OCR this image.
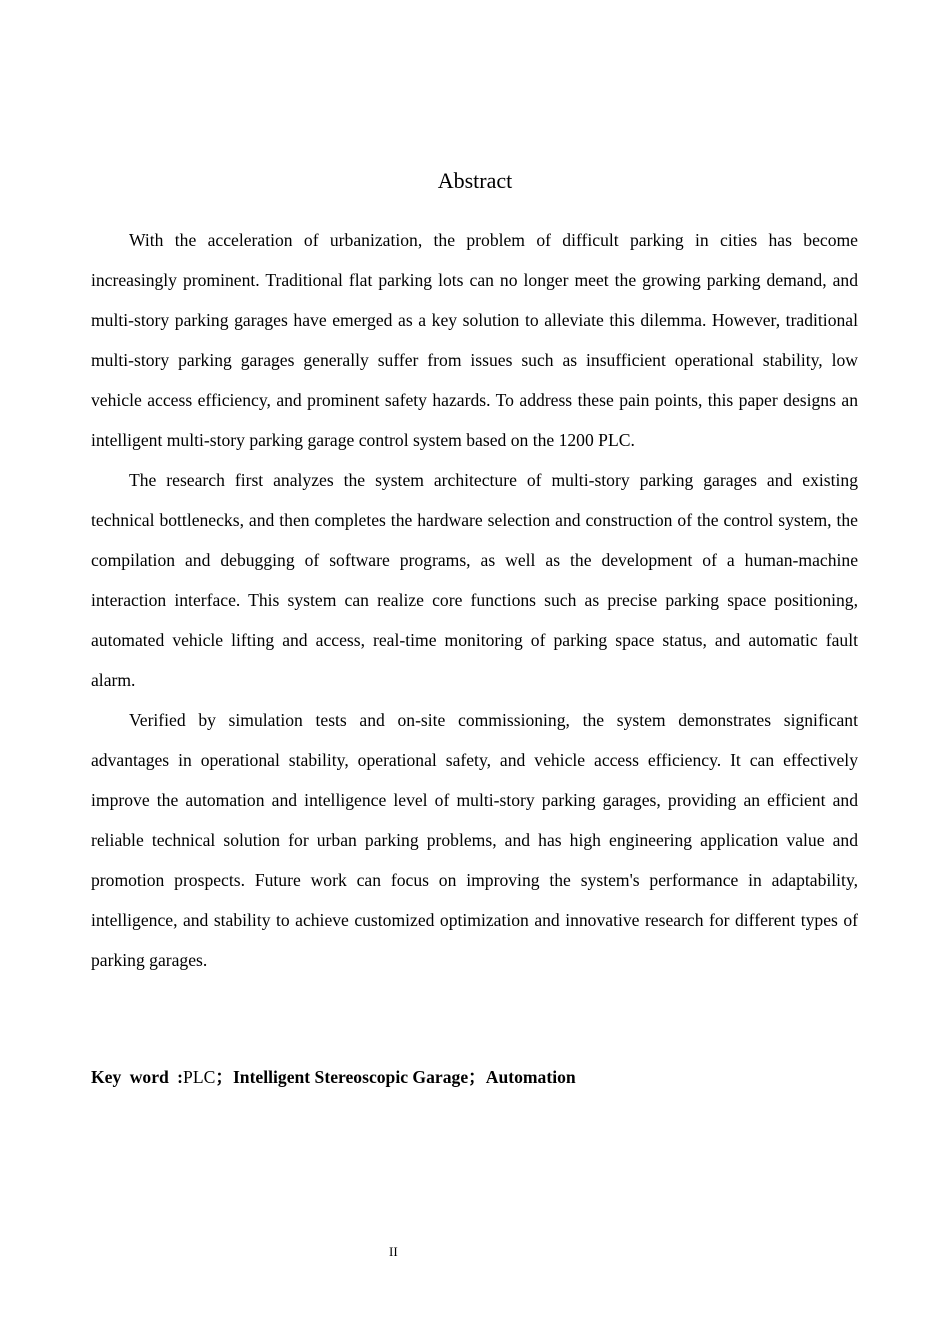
Abstract

With the acceleration of urbanization, the problem of difficult parking in cities has become increasingly prominent. Traditional flat parking lots can no longer meet the growing parking demand, and multi-story parking garages have emerged as a key solution to alleviate this dilemma. However, traditional multi-story parking garages generally suffer from issues such as insufficient operational stability, low vehicle access efficiency, and prominent safety hazards. To address these pain points, this paper designs an intelligent multi-story parking garage control system based on the 1200 PLC.

The research first analyzes the system architecture of multi-story parking garages and existing technical bottlenecks, and then completes the hardware selection and construction of the control system, the compilation and debugging of software programs, as well as the development of a human-machine interaction interface. This system can realize core functions such as precise parking space positioning, automated vehicle lifting and access, real-time monitoring of parking space status, and automatic fault alarm.

Verified by simulation tests and on-site commissioning, the system demonstrates significant advantages in operational stability, operational safety, and vehicle access efficiency. It can effectively improve the automation and intelligence level of multi-story parking garages, providing an efficient and reliable technical solution for urban parking problems, and has high engineering application value and promotion prospects. Future work can focus on improving the system's performance in adaptability, intelligence, and stability to achieve customized optimization and innovative research for different types of parking garages.

Key word :PLC；Intelligent Stereoscopic Garage；Automation
II
